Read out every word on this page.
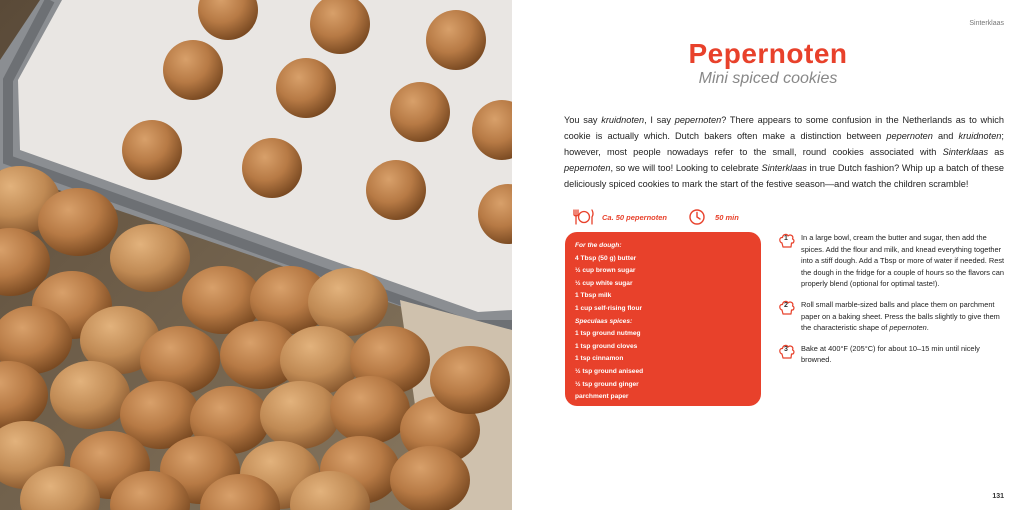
Sinterklaas
Pepernoten
Mini spiced cookies

You say kruidnoten, I say pepernoten? There appears to some confusion in the Netherlands as to which cookie is actually which. Dutch bakers often make a distinction between pepernoten and kruidnoten; however, most people nowadays refer to the small, round cookies associated with Sinterklaas as pepernoten, so we will too! Looking to celebrate Sinterklaas in true Dutch fashion? Whip up a batch of these deliciously spiced cookies to mark the start of the festive season—and watch the children scramble!

Ca. 50 pepernoten	50 min
For the dough:
4 Tbsp (50 g) butter
½ cup brown sugar
½ cup white sugar
1 Tbsp milk
1 cup self-rising flour
Speculaas spices:
1 tsp ground nutmeg
1 tsp ground cloves
1 tsp cinnamon
½ tsp ground aniseed
½ tsp ground ginger
parchment paper
1	In a large bowl, cream the butter and sugar, then add the spices. Add the flour and milk, and knead everything together into a stiff dough. Add a Tbsp or more of water if needed. Rest the dough in the fridge for a couple of hours so the flavors can properly blend (optional for optimal taste!).
2	Roll small marble-sized balls and place them on parchment paper on a baking sheet. Press the balls slightly to give them the characteristic shape of pepernoten.
3	Bake at 400°F (205°C) for about 10–15 min until nicely browned.
131
